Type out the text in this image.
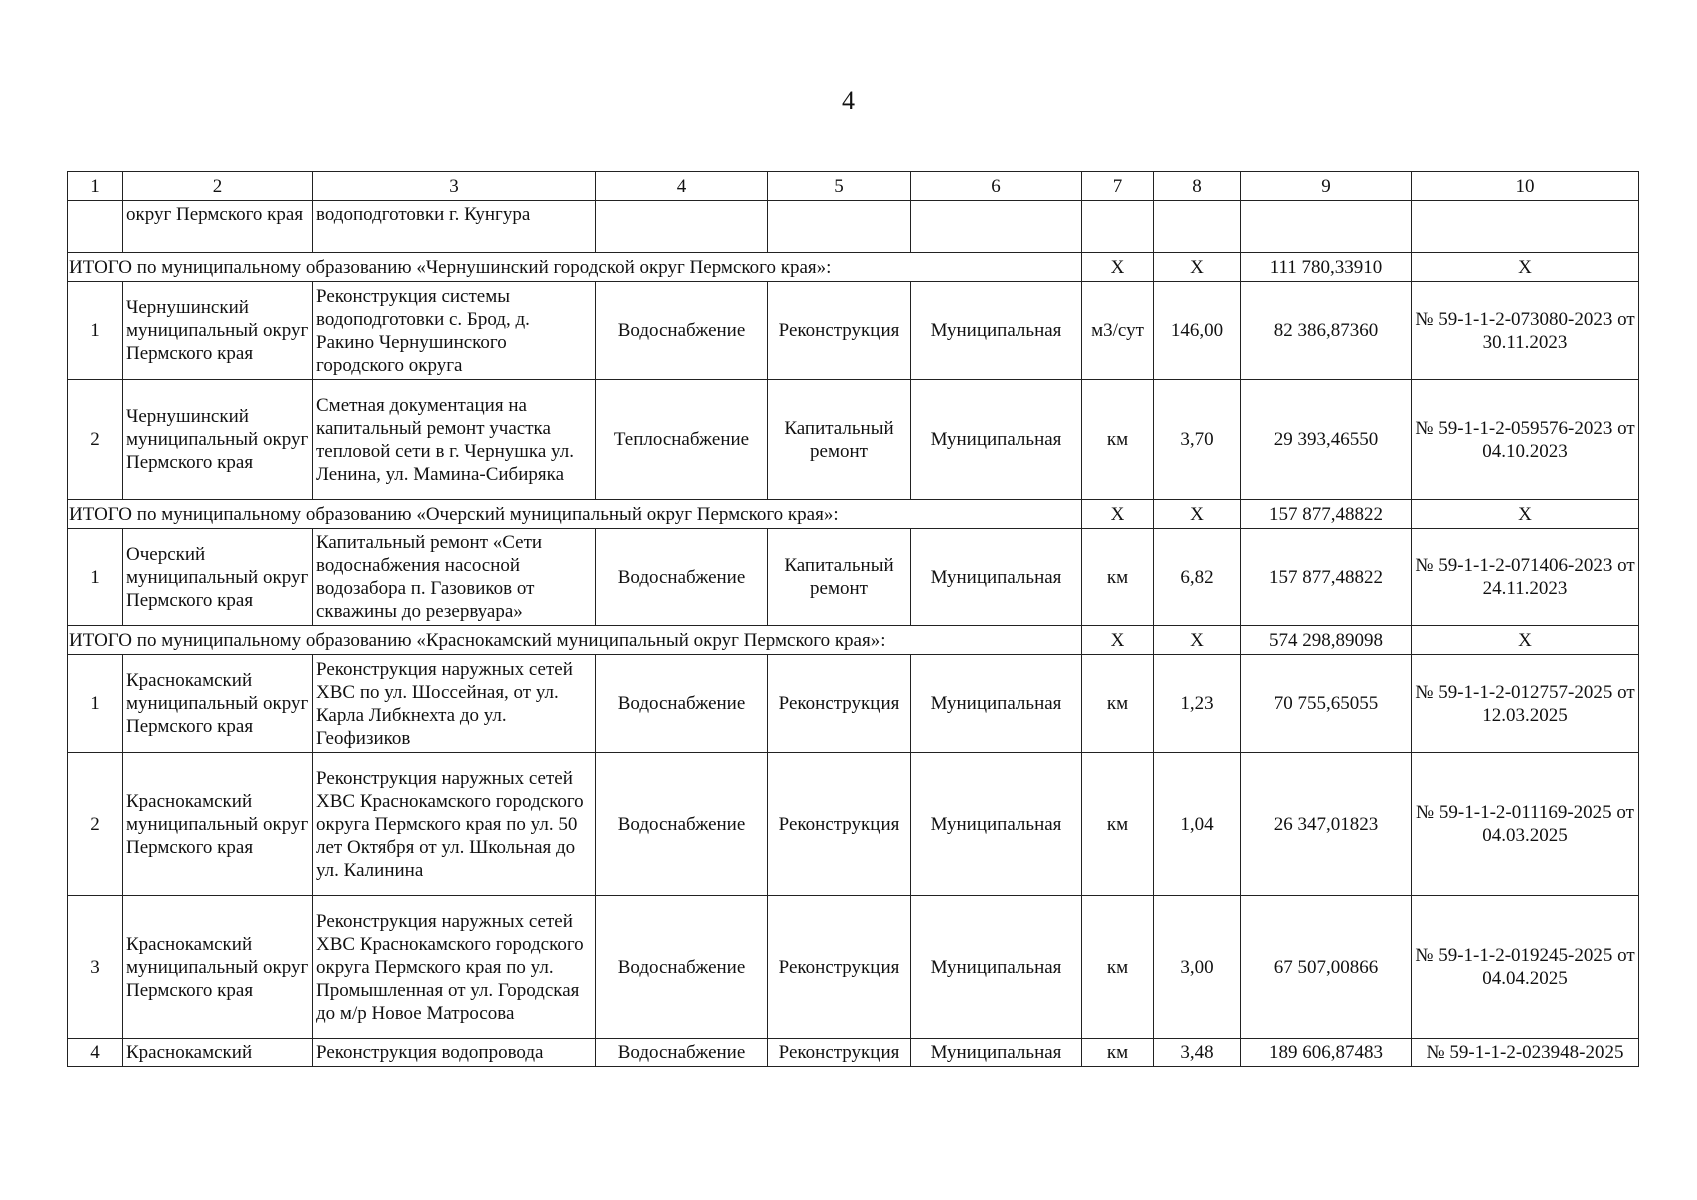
4
1	2	3	4	5	6	7	8	9	10
	округ Пермского края	водоподготовки г. Кунгура							
ИТОГО по муниципальному образованию «Чернушинский городской округ Пермского края»:						X	X	111 780,33910	X
1	Чернушинский муниципальный округ Пермского края	Реконструкция системы водоподготовки с. Брод, д. Ракино Чернушинского городского округа	Водоснабжение	Реконструкция	Муниципальная	м3/сут	146,00	82 386,87360	№ 59-1-1-2-073080-2023 от 30.11.2023
2	Чернушинский муниципальный округ Пермского края	Сметная документация на капитальный ремонт участка тепловой сети в г. Чернушка ул. Ленина, ул. Мамина-Сибиряка	Теплоснабжение	Капитальный ремонт	Муниципальная	км	3,70	29 393,46550	№ 59-1-1-2-059576-2023 от 04.10.2023
ИТОГО по муниципальному образованию «Очерский муниципальный округ Пермского края»:						X	X	157 877,48822	X
1	Очерский муниципальный округ Пермского края	Капитальный ремонт «Сети водоснабжения насосной водозабора п. Газовиков от скважины до резервуара»	Водоснабжение	Капитальный ремонт	Муниципальная	км	6,82	157 877,48822	№ 59-1-1-2-071406-2023 от 24.11.2023
ИТОГО по муниципальному образованию «Краснокамский муниципальный округ Пермского края»:						X	X	574 298,89098	X
1	Краснокамский муниципальный округ Пермского края	Реконструкция наружных сетей ХВС по ул. Шоссейная, от ул. Карла Либкнехта до ул. Геофизиков	Водоснабжение	Реконструкция	Муниципальная	км	1,23	70 755,65055	№ 59-1-1-2-012757-2025 от 12.03.2025
2	Краснокамский муниципальный округ Пермского края	Реконструкция наружных сетей ХВС Краснокамского городского округа Пермского края по ул. 50 лет Октября от ул. Школьная до ул. Калинина	Водоснабжение	Реконструкция	Муниципальная	км	1,04	26 347,01823	№ 59-1-1-2-011169-2025 от 04.03.2025
3	Краснокамский муниципальный округ Пермского края	Реконструкция наружных сетей ХВС Краснокамского городского округа Пермского края по ул. Промышленная от ул. Городская до м/р Новое Матросова	Водоснабжение	Реконструкция	Муниципальная	км	3,00	67 507,00866	№ 59-1-1-2-019245-2025 от 04.04.2025
4	Краснокамский	Реконструкция водопровода	Водоснабжение	Реконструкция	Муниципальная	км	3,48	189 606,87483	№ 59-1-1-2-023948-2025
